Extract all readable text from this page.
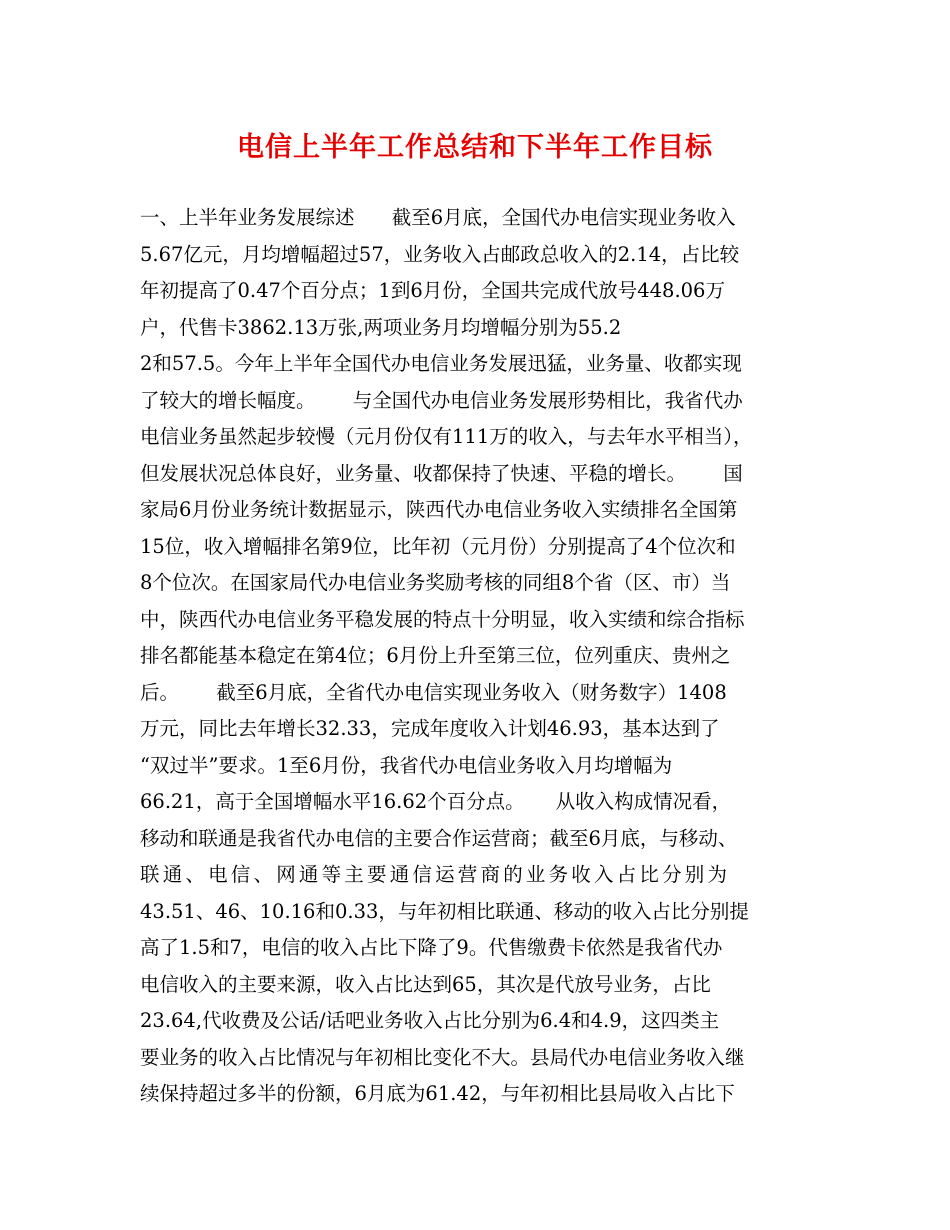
电信上半年工作总结和下半年工作目标
一、上半年业务发展综述      截至6月底，全国代办电信实现业务收入
5.67亿元，月均增幅超过57，业务收入占邮政总收入的2.14，占比较
年初提高了0.47个百分点；1到6月份，全国共完成代放号448.06万
户，代售卡3862.13万张,两项业务月均增幅分别为55.2
2和57.5。今年上半年全国代办电信业务发展迅猛，业务量、收都实现
了较大的增长幅度。      与全国代办电信业务发展形势相比，我省代办
电信业务虽然起步较慢（元月份仅有111万的收入，与去年水平相当），
但发展状况总体良好，业务量、收都保持了快速、平稳的增长。      国
家局6月份业务统计数据显示，陕西代办电信业务收入实绩排名全国第
15位，收入增幅排名第9位，比年初（元月份）分别提高了4个位次和
8个位次。在国家局代办电信业务奖励考核的同组8个省（区、市）当
中，陕西代办电信业务平稳发展的特点十分明显，收入实绩和综合指标
排名都能基本稳定在第4位；6月份上升至第三位，位列重庆、贵州之
后。      截至6月底，全省代办电信实现业务收入（财务数字）1408
万元，同比去年增长32.33，完成年度收入计划46.93，基本达到了
“双过半”要求。1至6月份，我省代办电信业务收入月均增幅为
66.21，高于全国增幅水平16.62个百分点。     从收入构成情况看，
移动和联通是我省代办电信的主要合作运营商；截至6月底，与移动、
联通、电信、网通等主要通信运营商的业务收入占比分别为
43.51、46、10.16和0.33，与年初相比联通、移动的收入占比分别提
高了1.5和7，电信的收入占比下降了9。代售缴费卡依然是我省代办
电信收入的主要来源，收入占比达到65，其次是代放号业务，占比
23.64,代收费及公话/话吧业务收入占比分别为6.4和4.9，这四类主
要业务的收入占比情况与年初相比变化不大。县局代办电信业务收入继
续保持超过多半的份额，6月底为61.42，与年初相比县局收入占比下
